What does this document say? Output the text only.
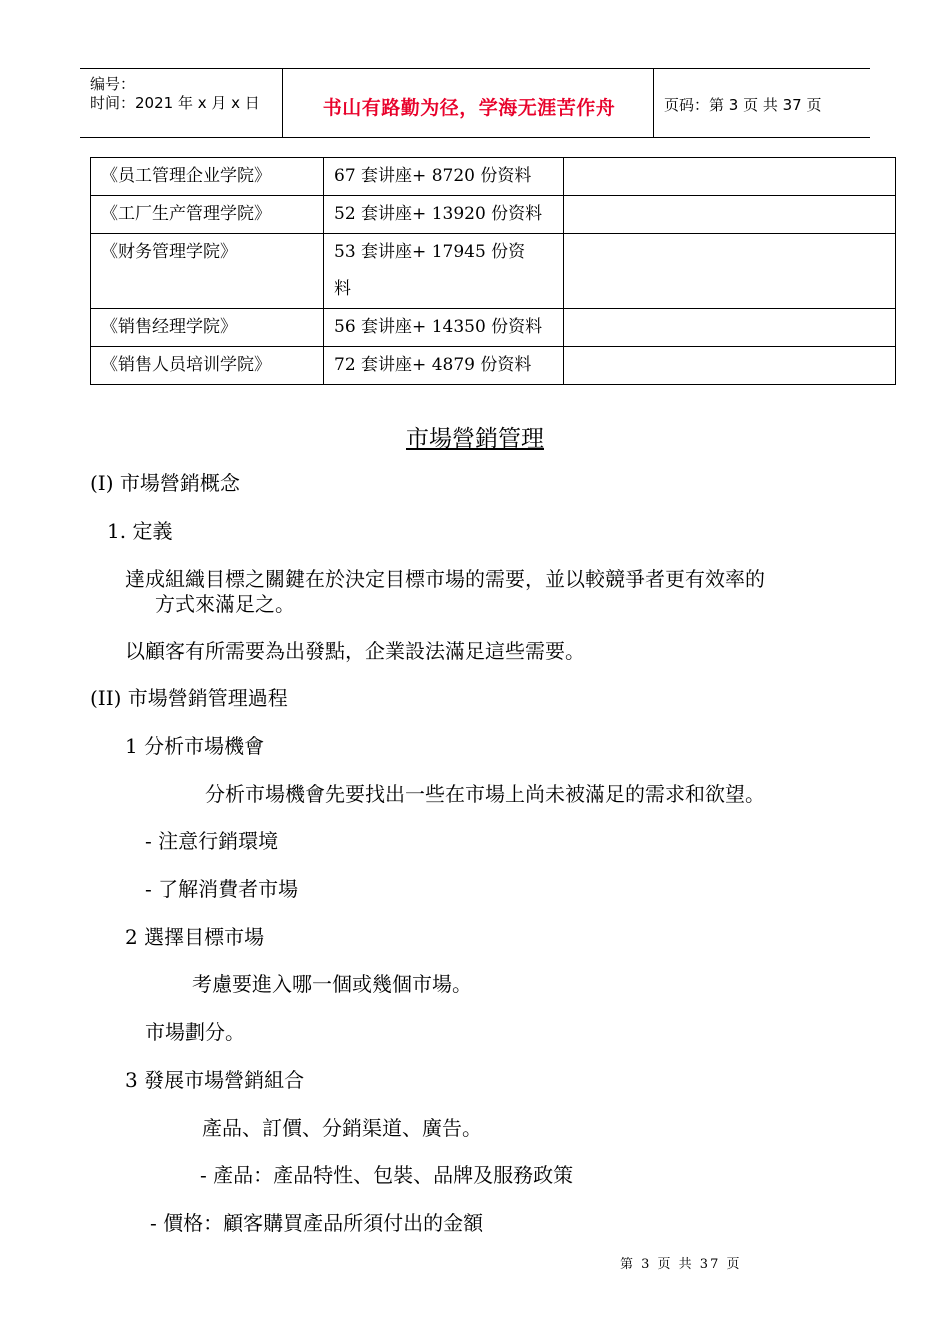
编号：
时间：2021 年 x 月 x 日	书山有路勤为径，学海无涯苦作舟	页码：第 3 页 共 37 页
《员工管理企业学院》	67 套讲座+ 8720 份资料	

《工厂生产管理学院》	52 套讲座+ 13920 份资料	

《财务管理学院》	53 套讲座+ 17945 份资
料	

《销售经理学院》	56 套讲座+ 14350 份资料	

《销售人员培训学院》	72 套讲座+ 4879 份资料	

市場營銷管理
(I) 市場營銷概念
1. 定義
達成組織目標之關鍵在於決定目標市場的需要，並以較競爭者更有效率的
方式來滿足之。
以顧客有所需要為出發點，企業設法滿足這些需要。
(II) 市場營銷管理過程
1 分析市場機會
分析市場機會先要找出一些在市場上尚未被滿足的需求和欲望。
- 注意行銷環境
- 了解消費者市場
2 選擇目標市場
考慮要進入哪一個或幾個市場。
市場劃分。
3 發展市場營銷組合
產品、訂價、分銷渠道、廣告。
- 產品：產品特性、包裝、品牌及服務政策
- 價格：顧客購買產品所須付出的金額
第 3 页 共 37 页
